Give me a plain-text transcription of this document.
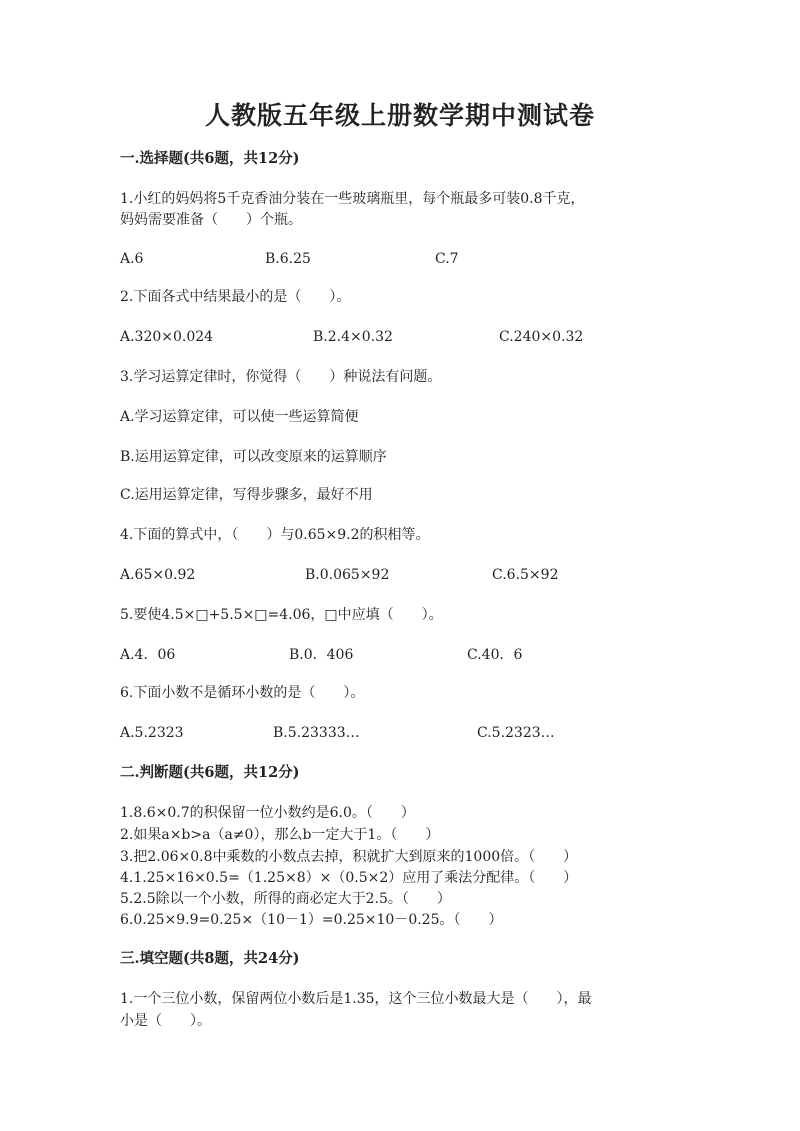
人教版五年级上册数学期中测试卷
一.选择题(共6题，共12分)
1.小红的妈妈将5千克香油分装在一些玻璃瓶里，每个瓶最多可装0.8千克，
妈妈需要准备（　　）个瓶。
A.6	B.6.25	C.7
2.下面各式中结果最小的是（　　）。
A.320×0.024	B.2.4×0.32	C.240×0.32
3.学习运算定律时，你觉得（　　）种说法有问题。
A.学习运算定律，可以使一些运算简便
B.运用运算定律，可以改变原来的运算顺序
C.运用运算定律，写得步骤多，最好不用
4.下面的算式中，（　　）与0.65×9.2的积相等。
A.65×0.92	B.0.065×92	C.6.5×92
5.要使4.5×□+5.5×□=4.06，□中应填（　　）。
A.4．06	B.0．406	C.40．6
6.下面小数不是循环小数的是（　　）。
A.5.2323	B.5.23333…	C.5.2323…
二.判断题(共6题，共12分)
1.8.6×0.7的积保留一位小数约是6.0。（　　）
2.如果a×b>a（a≠0），那么b一定大于1。（　　）
3.把2.06×0.8中乘数的小数点去掉，积就扩大到原来的1000倍。（　　）
4.1.25×16×0.5=（1.25×8）×（0.5×2）应用了乘法分配律。（　　）
5.2.5除以一个小数，所得的商必定大于2.5。（　　）
6.0.25×9.9=0.25×（10－1）=0.25×10－0.25。（　　）
三.填空题(共8题，共24分)
1.一个三位小数，保留两位小数后是1.35，这个三位小数最大是（　　），最
小是（　　）。
